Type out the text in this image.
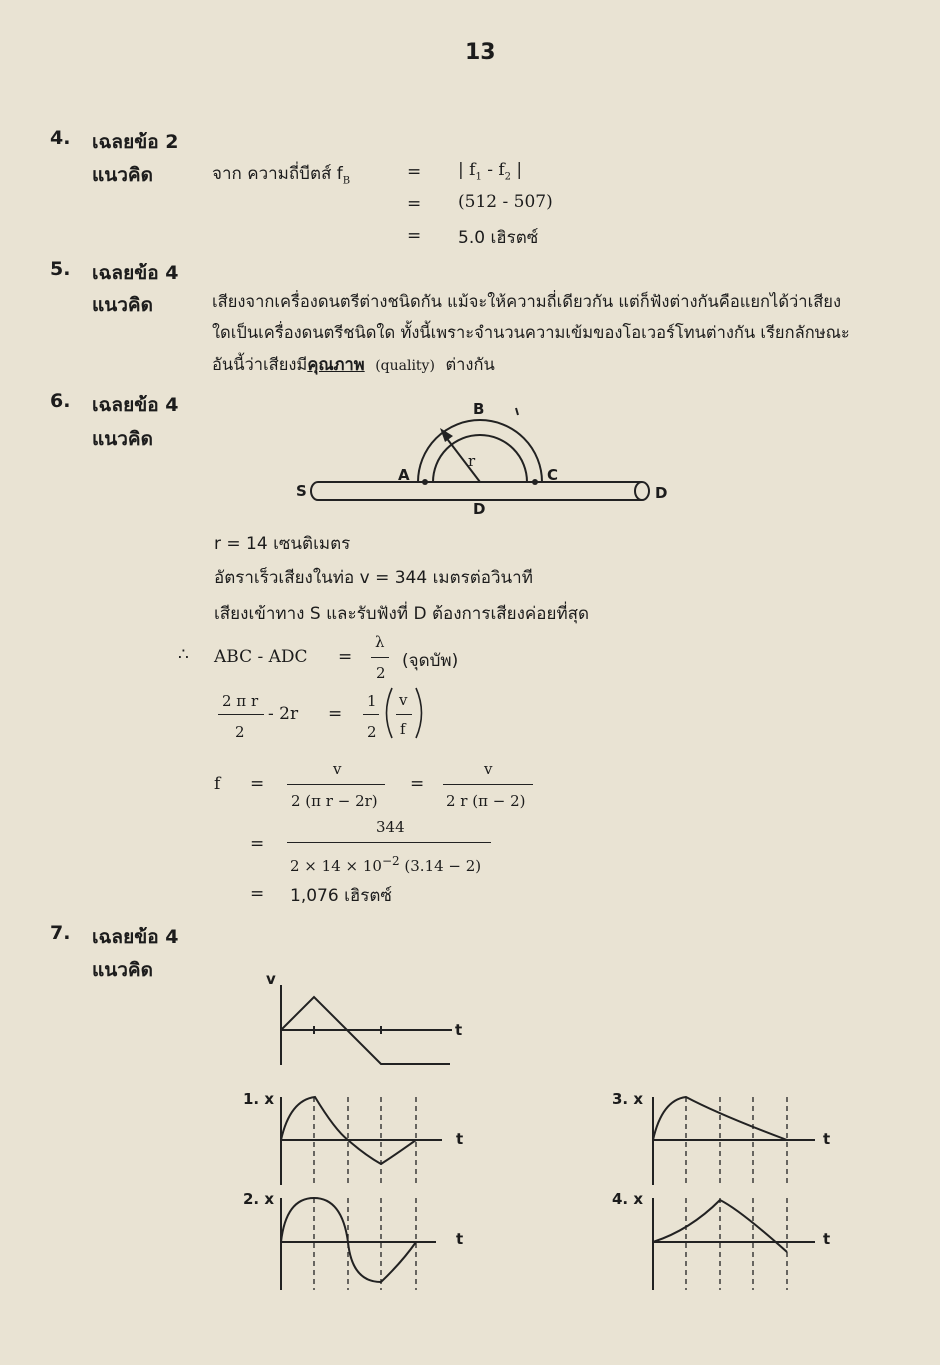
13
4. เฉลยข้อ 2
แนวคิด	จาก ความถี่บีตส์ $f_B$	= | $f_1 - f_2$ |
= (512 - 507)
= 5.0 เฮิรตซ์
5. เฉลยข้อ 4
แนวคิด	เสียงจากเครื่องดนตรีต่างชนิดกัน แม้จะให้ความถี่เดียวกัน แต่ก็ฟังต่างกันคือแยกได้ว่าเสียง
ใดเป็นเครื่องดนตรีชนิดใด ทั้งนี้เพราะจำนวนความเข้มของโอเวอร์โทนต่างกัน เรียกลักษณะ
อันนี้ว่าเสียงมีคุณภาพ (quality) ต่างกัน
6. เฉลยข้อ 4
แนวคิด
S
A
B
C
D
D
r
r = 14 เซนติเมตร
อัตราเร็วเสียงในท่อ v = 344 เมตรต่อวินาที
เสียงเข้าทาง S และรับฟังที่ D ต้องการเสียงค่อยที่สุด
∴ ABC - ADC =
λ
2
(จุดบัพ)
2 π r
2
- 2r =
1
2
v
f
f =
v
2 (π r − 2r)
=
v
2 r (π − 2)
=
344
$2 \times 14 \times 10^{-2}$ (3.14 − 2)
= 1,076 เฮิรตซ์
7. เฉลยข้อ 4
แนวคิด	v
t
1. x
t
2. x
t
3. x
t
4. x
t
